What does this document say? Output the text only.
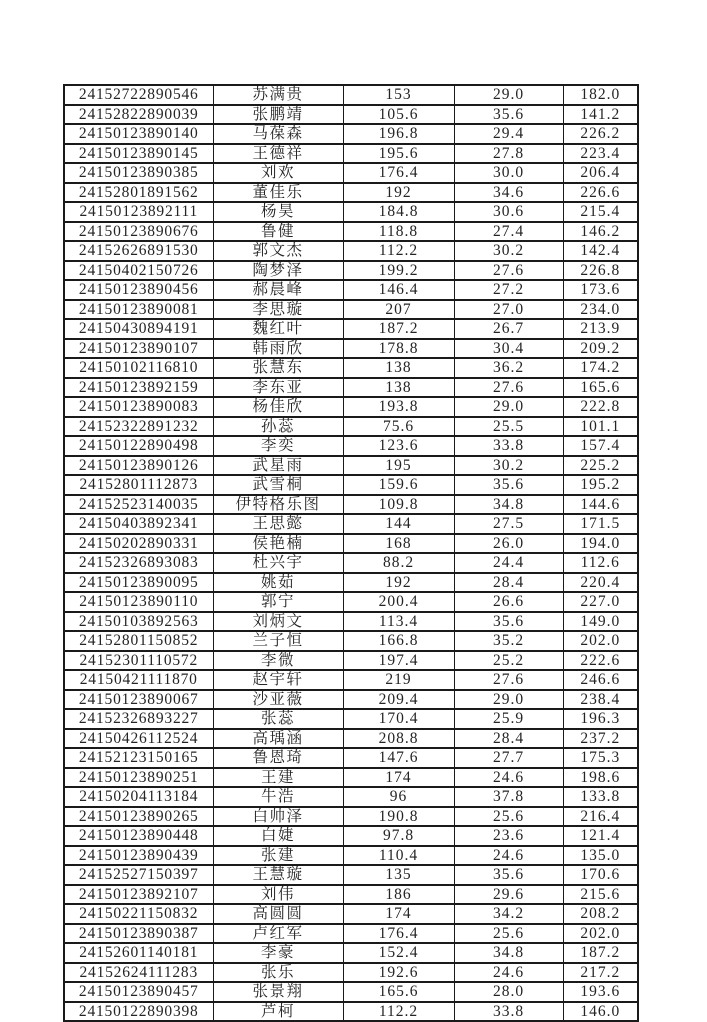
24152722890546	苏满贵	153	29.0	182.0
24152822890039	张鹏靖	105.6	35.6	141.2
24150123890140	马葆森	196.8	29.4	226.2
24150123890145	王德祥	195.6	27.8	223.4
24150123890385	刘欢	176.4	30.0	206.4
24152801891562	董佳乐	192	34.6	226.6
24150123892111	杨昊	184.8	30.6	215.4
24150123890676	鲁健	118.8	27.4	146.2
24152626891530	郭文杰	112.2	30.2	142.4
24150402150726	陶梦泽	199.2	27.6	226.8
24150123890456	郝晨峰	146.4	27.2	173.6
24150123890081	李思璇	207	27.0	234.0
24150430894191	魏红叶	187.2	26.7	213.9
24150123890107	韩雨欣	178.8	30.4	209.2
24150102116810	张慧东	138	36.2	174.2
24150123892159	李东亚	138	27.6	165.6
24150123890083	杨佳欣	193.8	29.0	222.8
24152322891232	孙蕊	75.6	25.5	101.1
24150122890498	李奕	123.6	33.8	157.4
24150123890126	武星雨	195	30.2	225.2
24152801112873	武雪桐	159.6	35.6	195.2
24152523140035	伊特格乐图	109.8	34.8	144.6
24150403892341	王思懿	144	27.5	171.5
24150202890331	侯艳楠	168	26.0	194.0
24152326893083	杜兴宇	88.2	24.4	112.6
24150123890095	姚茹	192	28.4	220.4
24150123890110	郭宁	200.4	26.6	227.0
24150103892563	刘炳文	113.4	35.6	149.0
24152801150852	兰子恒	166.8	35.2	202.0
24152301110572	李微	197.4	25.2	222.6
24150421111870	赵宇轩	219	27.6	246.6
24150123890067	沙亚薇	209.4	29.0	238.4
24152326893227	张蕊	170.4	25.9	196.3
24150426112524	高瑀涵	208.8	28.4	237.2
24152123150165	鲁恩琦	147.6	27.7	175.3
24150123890251	王建	174	24.6	198.6
24150204113184	牛浩	96	37.8	133.8
24150123890265	白帅泽	190.8	25.6	216.4
24150123890448	白婕	97.8	23.6	121.4
24150123890439	张建	110.4	24.6	135.0
24152527150397	王慧璇	135	35.6	170.6
24150123892107	刘伟	186	29.6	215.6
24150221150832	高圆圆	174	34.2	208.2
24150123890387	卢红军	176.4	25.6	202.0
24152601140181	李豪	152.4	34.8	187.2
24152624111283	张乐	192.6	24.6	217.2
24150123890457	张景翔	165.6	28.0	193.6
24150122890398	芦柯	112.2	33.8	146.0
